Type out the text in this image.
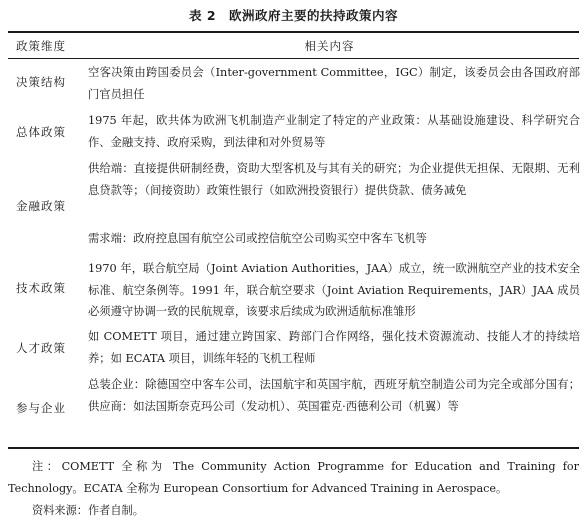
表 2　欧洲政府主要的扶持政策内容
政策维度	相关内容
决策结构
空客决策由跨国委员会（Inter-government Committee，IGC）制定，该委员会由各国政府部门官员担任
总体政策
1975 年起，欧共体为欧洲飞机制造产业制定了特定的产业政策：从基础设施建设、科学研究合作、金融支持、政府采购，到法律和对外贸易等
金融政策
供给端：直接提供研制经费，资助大型客机及与其有关的研究；为企业提供无担保、无限期、无利息贷款等；（间接资助）政策性银行（如欧洲投资银行）提供贷款、债务减免
需求端：政府控息国有航空公司或控信航空公司购买空中客车飞机等
技术政策
1970 年，联合航空局（Joint Aviation Authorities，JAA）成立，统一欧洲航空产业的技术安全标准、航空条例等。1991 年，联合航空要求（Joint Aviation Requirements，JAR）JAA 成员必须遵守协调一致的民航规章，该要求后续成为欧洲适航标准雏形
人才政策
如 COMETT 项目，通过建立跨国家、跨部门合作网络，强化技术资源流动、技能人才的持续培养；如 ECATA 项目，训练年轻的飞机工程师
参与企业
总装企业：除德国空中客车公司，法国航宇和英国宇航，西班牙航空制造公司为完全或部分国有；供应商：如法国斯奈克玛公司（发动机）、英国霍克·西德利公司（机翼）等
注：COMETT 全称为 The Community Action Programme for Education and Training for Technology。ECATA 全称为 European Consortium for Advanced Training in Aerospace。
资料来源：作者自制。
